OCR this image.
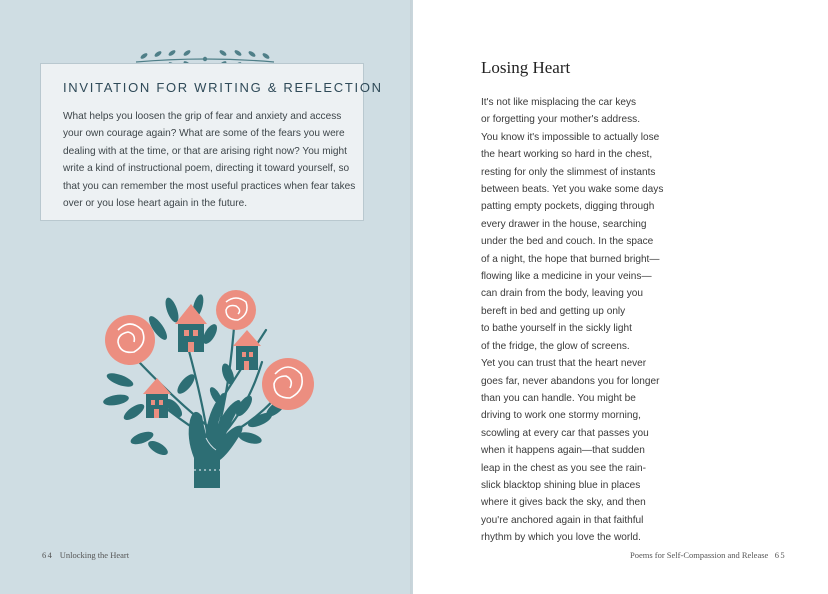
INVITATION FOR WRITING & REFLECTION

What helps you loosen the grip of fear and anxiety and access your own courage again? What are some of the fears you were dealing with at the time, or that are arising right now? You might write a kind of instructional poem, directing it toward yourself, so that you can remember the most useful practices when fear takes over or you lose heart again in the future.

64 Unlocking the Heart
Losing Heart
It's not like misplacing the car keys
or forgetting your mother's address.
You know it's impossible to actually lose
the heart working so hard in the chest,
resting for only the slimmest of instants
between beats. Yet you wake some days
patting empty pockets, digging through
every drawer in the house, searching
under the bed and couch. In the space
of a night, the hope that burned bright—
flowing like a medicine in your veins—
can drain from the body, leaving you
bereft in bed and getting up only
to bathe yourself in the sickly light
of the fridge, the glow of screens.
Yet you can trust that the heart never
goes far, never abandons you for longer
than you can handle. You might be
driving to work one stormy morning,
scowling at every car that passes you
when it happens again—that sudden
leap in the chest as you see the rain-
slick blacktop shining blue in places
where it gives back the sky, and then
you're anchored again in that faithful
rhythm by which you love the world.
Poems for Self-Compassion and Release 65
